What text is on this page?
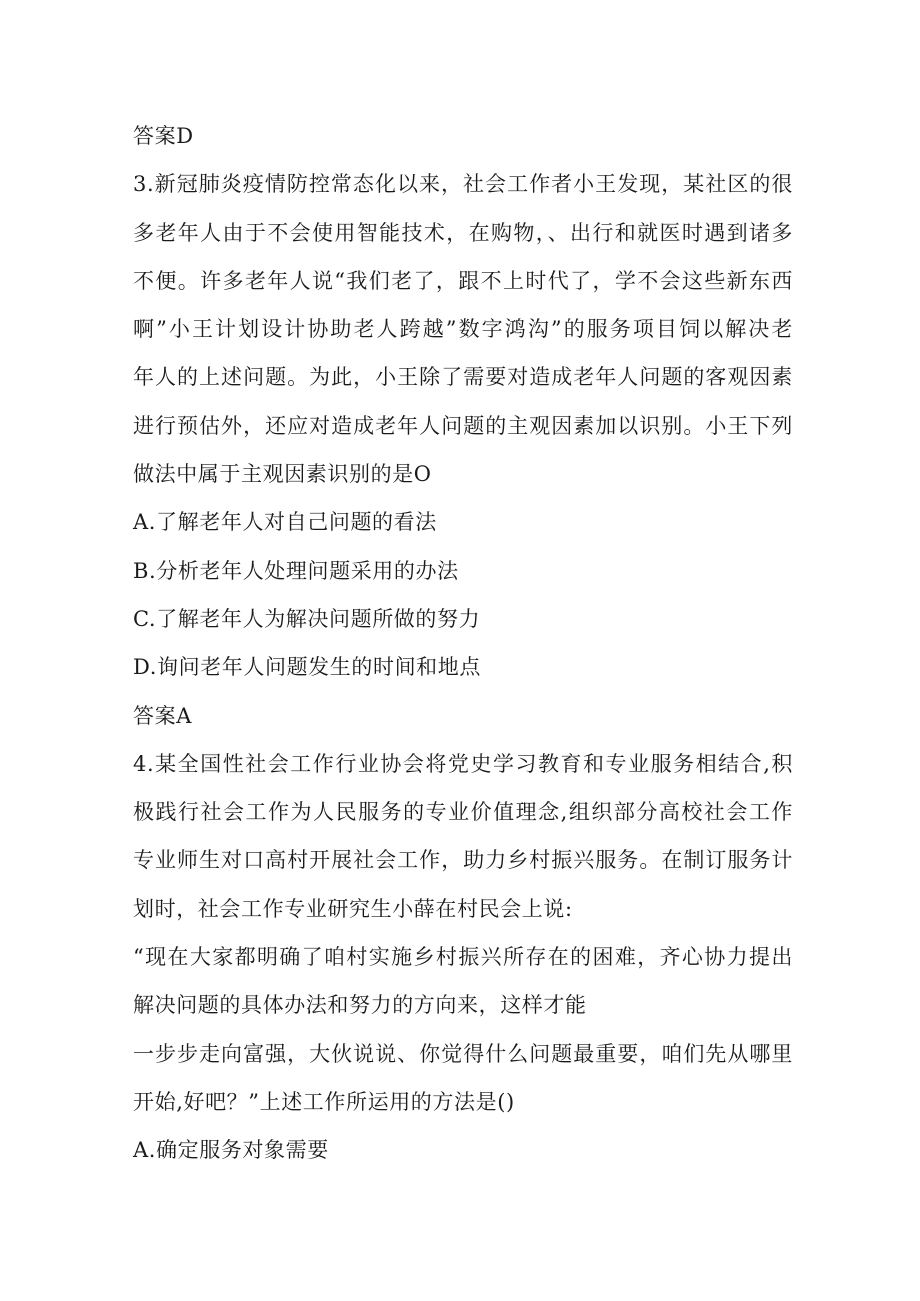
答案D
3.新冠肺炎疫情防控常态化以来，社会工作者小王发现，某社区的很
多老年人由于不会使用智能技术，在购物，、出行和就医时遇到诸多
不便。许多老年人说“我们老了，跟不上时代了，学不会这些新东西
啊”小王计划设计协助老人跨越”数字鸿沟”的服务项目饲以解决老
年人的上述问题。为此，小王除了需要对造成老年人问题的客观因素
进行预估外，还应对造成老年人问题的主观因素加以识别。小王下列
做法中属于主观因素识别的是O
A.了解老年人对自己问题的看法
B.分析老年人处理问题采用的办法
C.了解老年人为解决问题所做的努力
D.询问老年人问题发生的时间和地点
答案A
4.某全国性社会工作行业协会将党史学习教育和专业服务相结合,积
极践行社会工作为人民服务的专业价值理念,组织部分高校社会工作
专业师生对口高村开展社会工作，助力乡村振兴服务。在制订服务计
划时，社会工作专业研究生小薛在村民会上说:
“现在大家都明确了咱村实施乡村振兴所存在的困难，齐心协力提出
解决问题的具体办法和努力的方向来，这样才能
一步步走向富强，大伙说说、你觉得什么问题最重要，咱们先从哪里
开始,好吧？”上述工作所运用的方法是()
A.确定服务对象需要
